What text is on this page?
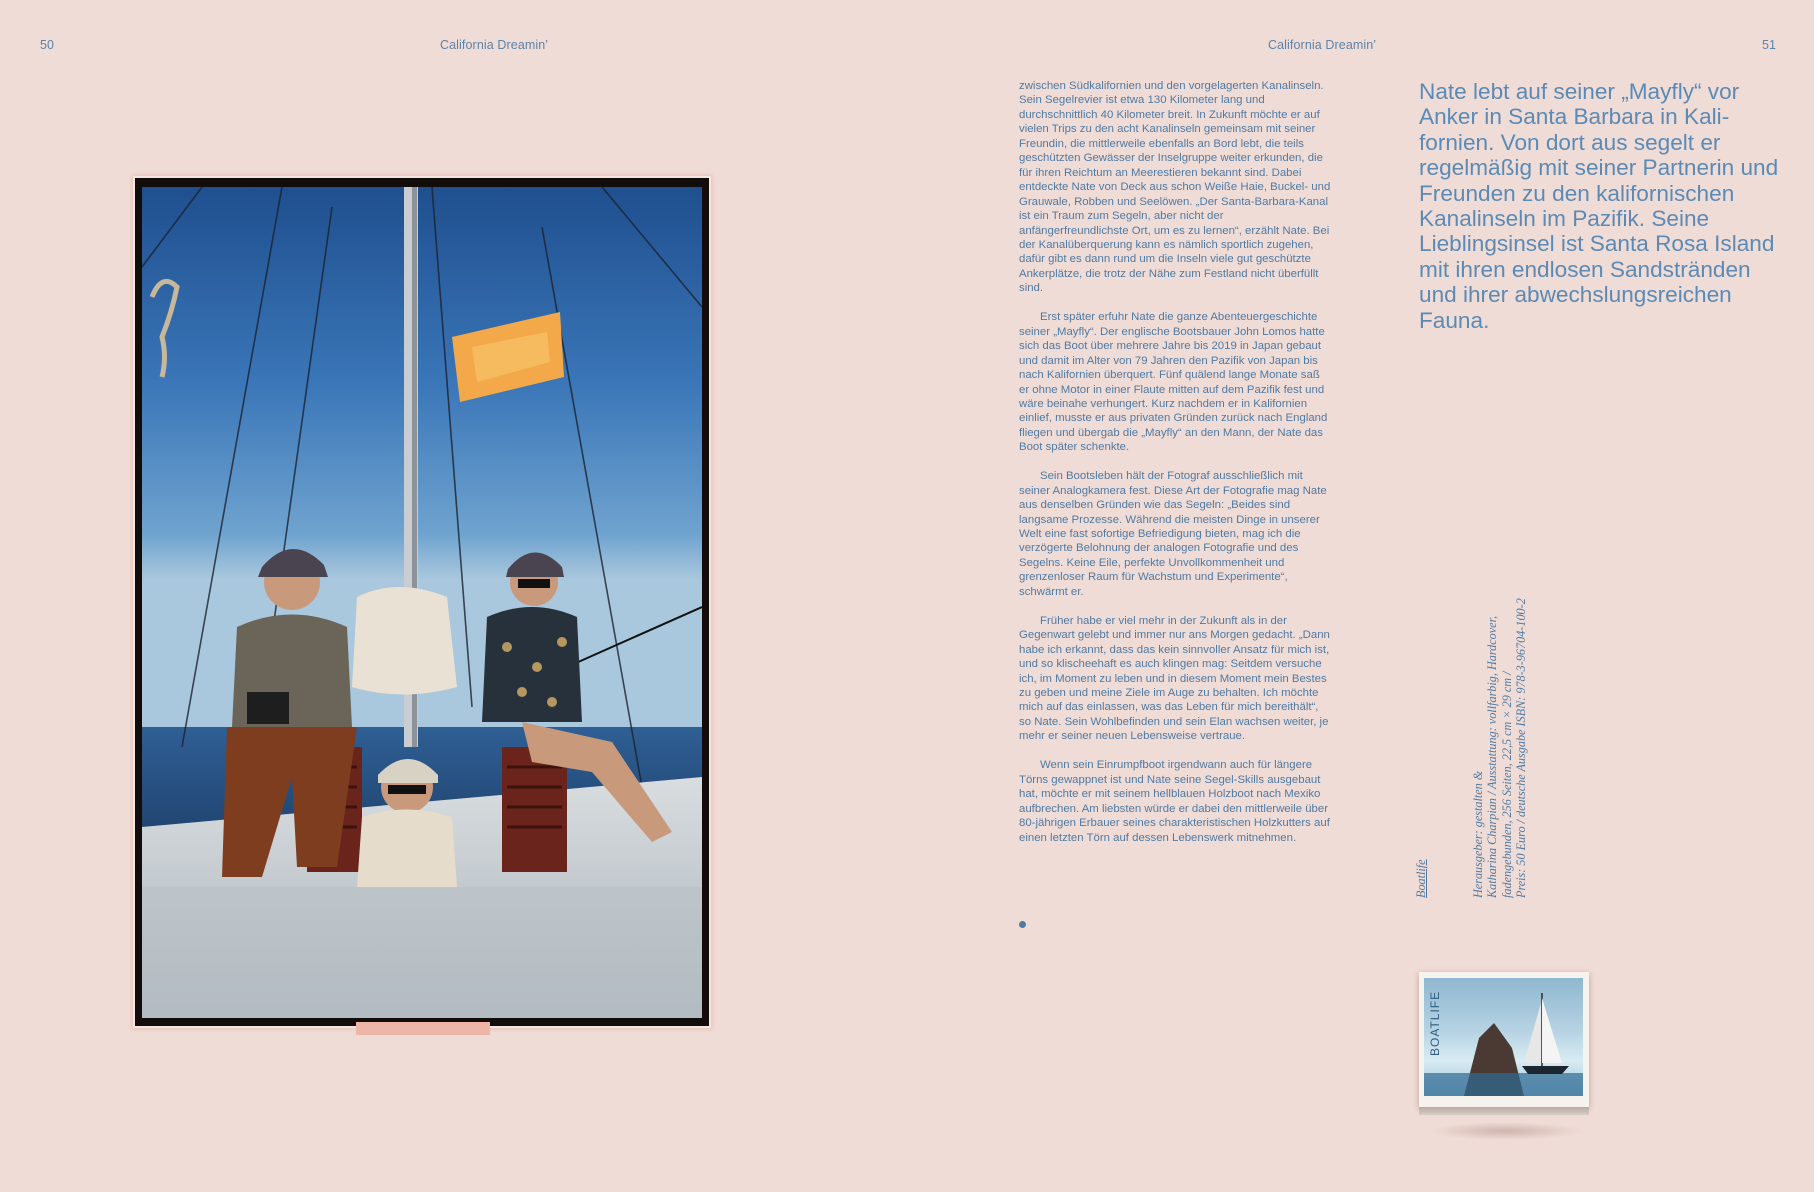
50	California Dreamin’	California Dreamin’	51

zwischen Südkalifornien und den vorgelagerten Kanalinseln. Sein Segelrevier ist etwa 130 Kilometer lang und durchschnittlich 40 Kilometer breit. In Zukunft möchte er auf vielen Trips zu den acht Kanalinseln gemeinsam mit seiner Freundin, die mittlerweile ebenfalls an Bord lebt, die teils geschützten Gewässer der Inselgruppe weiter erkunden, die für ihren Reichtum an Meerestieren bekannt sind. Dabei entdeckte Nate von Deck aus schon Weiße Haie, Buckel- und Grauwale, Robben und Seelöwen. „Der Santa-Barbara-Kanal ist ein Traum zum Segeln, aber nicht der anfängerfreundlichste Ort, um es zu lernen“, erzählt Nate. Bei der Kanalüberquerung kann es nämlich sportlich zugehen, dafür gibt es dann rund um die Inseln viele gut geschützte Ankerplätze, die trotz der Nähe zum Festland nicht überfüllt sind.

Erst später erfuhr Nate die ganze Abenteuergeschichte seiner „Mayfly“. Der englische Bootsbauer John Lomos hatte sich das Boot über mehrere Jahre bis 2019 in Japan gebaut und damit im Alter von 79 Jahren den Pazifik von Japan bis nach Kalifornien überquert. Fünf quälend lange Monate saß er ohne Motor in einer Flaute mitten auf dem Pazifik fest und wäre beinahe verhungert. Kurz nachdem er in Kalifornien einlief, musste er aus privaten Gründen zurück nach England fliegen und übergab die „Mayfly“ an den Mann, der Nate das Boot später schenkte.

Sein Bootsleben hält der Fotograf ausschließlich mit seiner Analogkamera fest. Diese Art der Fotografie mag Nate aus denselben Gründen wie das Segeln: „Beides sind langsame Prozesse. Während die meisten Dinge in unserer Welt eine fast sofortige Befriedigung bieten, mag ich die verzögerte Belohnung der analogen Fotografie und des Segelns. Keine Eile, perfekte Unvollkommenheit und grenzenloser Raum für Wachstum und Experimente“, schwärmt er.

Früher habe er viel mehr in der Zukunft als in der Gegenwart gelebt und immer nur ans Morgen gedacht. „Dann habe ich erkannt, dass das kein sinnvoller Ansatz für mich ist, und so klischeehaft es auch klingen mag: Seitdem versuche ich, im Moment zu leben und in diesem Moment mein Bestes zu geben und meine Ziele im Auge zu behalten. Ich möchte mich auf das einlassen, was das Leben für mich bereithält“, so Nate. Sein Wohlbefinden und sein Elan wachsen weiter, je mehr er seiner neuen Lebensweise vertraue.

Wenn sein Einrumpfboot irgendwann auch für längere Törns gewappnet ist und Nate seine Segel-Skills ausgebaut hat, möchte er mit seinem hellblauen Holzboot nach Mexiko aufbrechen. Am liebsten würde er dabei den mittlerweile über 80-jährigen Erbauer seines charakteristischen Holzkutters auf einen letzten Törn auf dessen Lebenswerk mitnehmen.

Nate lebt auf seiner „Mayfly“ vor Anker in Santa Barbara in Kalifornien. Von dort aus segelt er regelmäßig mit seiner Partnerin und Freunden zu den kalifornischen Kanalinseln im Pazifik. Seine Lieblingsinsel ist Santa Rosa Island mit ihren endlosen Sandstränden und ihrer abwechslungsreichen Fauna.
Boatlife	Herausgeber: gestalten & Katharina Charpian / Ausstattung: vollfarbig, Hardcover, fadengebunden, 256 Seiten, 22,5 cm × 29 cm / Preis: 50 Euro / deutsche Ausgabe ISBN: 978-3-96704-100-2
BOATLIFE
